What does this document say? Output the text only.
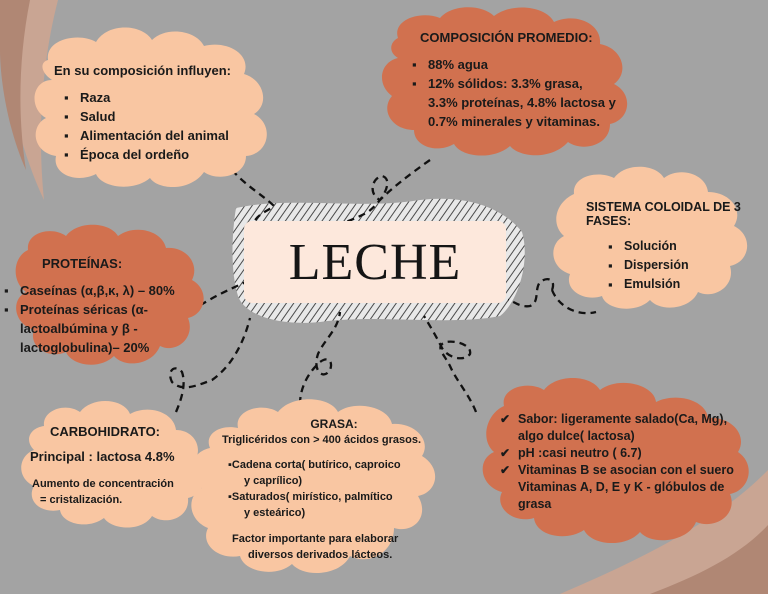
LECHE
En su composición influyen:
▪ Raza
▪ Salud
▪ Alimentación del animal
▪ Época del ordeño
COMPOSICIÓN PROMEDIO:
▪ 88% agua
▪ 12% sólidos: 3.3% grasa,
3.3% proteínas, 4.8% lactosa y
0.7% minerales y vitaminas.
SISTEMA COLOIDAL DE 3
FASES:
▪ Solución
▪ Dispersión
▪ Emulsión
PROTEÍNAS:
▪ Caseínas (α,β,κ, λ) – 80%
▪ Proteínas séricas (α-
lactoalbúmina y β -
lactoglobulina)– 20%
CARBOHIDRATO:
Principal : lactosa 4.8%
Aumento de concentración
= cristalización.
GRASA:
Triglicéridos con > 400 ácidos grasos.
▪Cadena corta( butírico, caproico
y caprílico)
▪Saturados( mirístico, palmítico
y esteárico)
Factor importante para elaborar
diversos derivados lácteos.
✔ Sabor: ligeramente salado(Ca, Mg),
algo dulce( lactosa)
✔ pH :casi neutro ( 6.7)
✔ Vitaminas B se asocian con el suero
Vitaminas A, D, E y K - glóbulos de
grasa
